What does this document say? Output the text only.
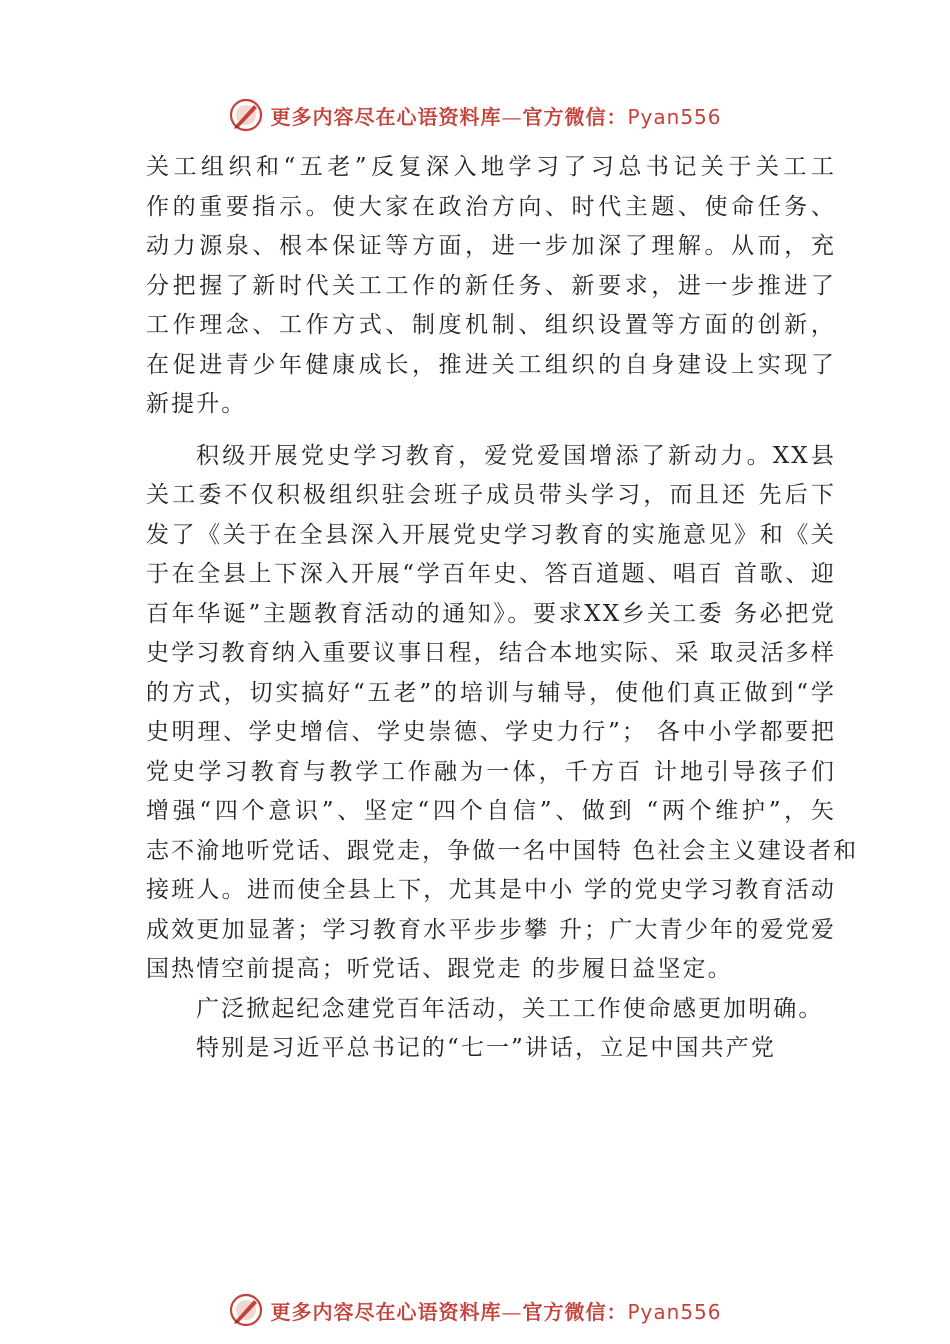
更多内容尽在心语资料库—官方微信：Pyan556
关工组织和“五老”反复深入地学习了习总书记关于关工工
作的重要指示。使大家在政治方向、时代主题、使命任务、
动力源泉、根本保证等方面，进一步加深了理解。从而，充
分把握了新时代关工工作的新任务、新要求，进一步推进了
工作理念、工作方式、制度机制、组织设置等方面的创新，
在促进青少年健康成长，推进关工组织的自身建设上实现了
新提升。
积级开展党史学习教育，爱党爱国增添了新动力。XX县
关工委不仅积极组织驻会班子成员带头学习，而且还 先后下
发了《关于在全县深入开展党史学习教育的实施意见》和《关
于在全县上下深入开展“学百年史、答百道题、唱百 首歌、迎
百年华诞”主题教育活动的通知》。要求XX乡关工委 务必把党
史学习教育纳入重要议事日程，结合本地实际、采 取灵活多样
的方式，切实搞好“五老”的培训与辅导，使他们真正做到“学
史明理、学史增信、学史崇德、学史力行”； 各中小学都要把
党史学习教育与教学工作融为一体，千方百 计地引导孩子们
增强“四个意识”、坚定“四个自信”、做到 “两个维护”，矢
志不渝地听党话、跟党走，争做一名中国特 色社会主义建设者和
接班人。进而使全县上下，尤其是中小 学的党史学习教育活动
成效更加显著；学习教育水平步步攀 升；广大青少年的爱党爱
国热情空前提高；听党话、跟党走 的步履日益坚定。
广泛掀起纪念建党百年活动，关工工作使命感更加明确。
特别是习近平总书记的“七一”讲话，立足中国共产党
更多内容尽在心语资料库—官方微信：Pyan556
